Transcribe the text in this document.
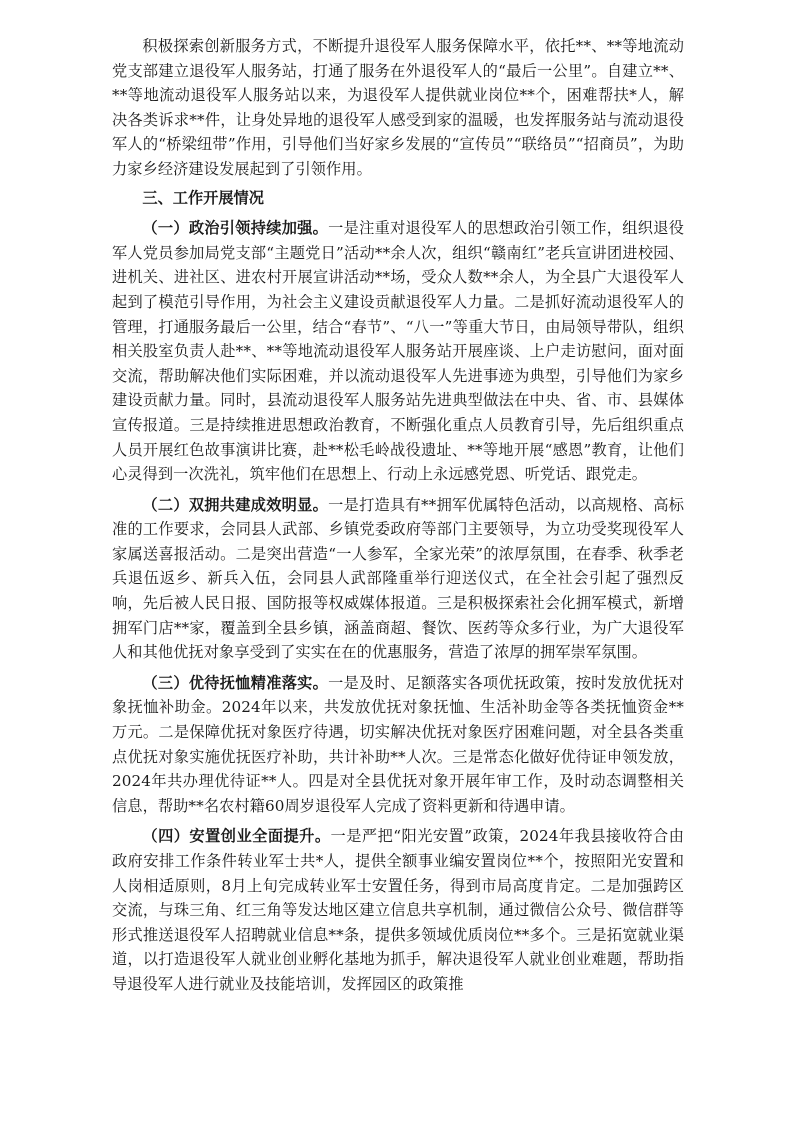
积极探索创新服务方式，不断提升退役军人服务保障水平，依托**、**等地流动党支部建立退役军人服务站，打通了服务在外退役军人的“最后一公里”。自建立**、**等地流动退役军人服务站以来，为退役军人提供就业岗位**个，困难帮扶*人，解决各类诉求**件，让身处异地的退役军人感受到家的温暖，也发挥服务站与流动退役军人的“桥梁纽带”作用，引导他们当好家乡发展的“宣传员”“联络员”“招商员”，为助力家乡经济建设发展起到了引领作用。

三、工作开展情况

（一）政治引领持续加强。一是注重对退役军人的思想政治引领工作，组织退役军人党员参加局党支部“主题党日”活动**余人次，组织“赣南红”老兵宣讲团进校园、进机关、进社区、进农村开展宣讲活动**场，受众人数**余人，为全县广大退役军人起到了模范引导作用，为社会主义建设贡献退役军人力量。二是抓好流动退役军人的管理，打通服务最后一公里，结合“春节”、“八一”等重大节日，由局领导带队，组织相关股室负责人赴**、**等地流动退役军人服务站开展座谈、上户走访慰问，面对面交流，帮助解决他们实际困难，并以流动退役军人先进事迹为典型，引导他们为家乡建设贡献力量。同时，县流动退役军人服务站先进典型做法在中央、省、市、县媒体宣传报道。三是持续推进思想政治教育，不断强化重点人员教育引导，先后组织重点人员开展红色故事演讲比赛，赴**松毛岭战役遗址、**等地开展“感恩”教育，让他们心灵得到一次洗礼，筑牢他们在思想上、行动上永远感党恩、听党话、跟党走。

（二）双拥共建成效明显。一是打造具有**拥军优属特色活动，以高规格、高标准的工作要求，会同县人武部、乡镇党委政府等部门主要领导，为立功受奖现役军人家属送喜报活动。二是突出营造“一人参军，全家光荣”的浓厚氛围，在春季、秋季老兵退伍返乡、新兵入伍，会同县人武部隆重举行迎送仪式，在全社会引起了强烈反响，先后被人民日报、国防报等权威媒体报道。三是积极探索社会化拥军模式，新增拥军门店**家，覆盖到全县乡镇，涵盖商超、餐饮、医药等众多行业，为广大退役军人和其他优抚对象享受到了实实在在的优惠服务，营造了浓厚的拥军崇军氛围。

（三）优待抚恤精准落实。一是及时、足额落实各项优抚政策，按时发放优抚对象抚恤补助金。2024年以来，共发放优抚对象抚恤、生活补助金等各类抚恤资金**万元。二是保障优抚对象医疗待遇，切实解决优抚对象医疗困难问题，对全县各类重点优抚对象实施优抚医疗补助，共计补助**人次。三是常态化做好优待证申领发放，2024年共办理优待证**人。四是对全县优抚对象开展年审工作，及时动态调整相关信息，帮助**名农村籍60周岁退役军人完成了资料更新和待遇申请。

（四）安置创业全面提升。一是严把“阳光安置”政策，2024年我县接收符合由政府安排工作条件转业军士共*人，提供全额事业编安置岗位**个，按照阳光安置和人岗相适原则，8月上旬完成转业军士安置任务，得到市局高度肯定。二是加强跨区交流，与珠三角、红三角等发达地区建立信息共享机制，通过微信公众号、微信群等形式推送退役军人招聘就业信息**条，提供多领域优质岗位**多个。三是拓宽就业渠道，以打造退役军人就业创业孵化基地为抓手，解决退役军人就业创业难题，帮助指导退役军人进行就业及技能培训，发挥园区的政策推
